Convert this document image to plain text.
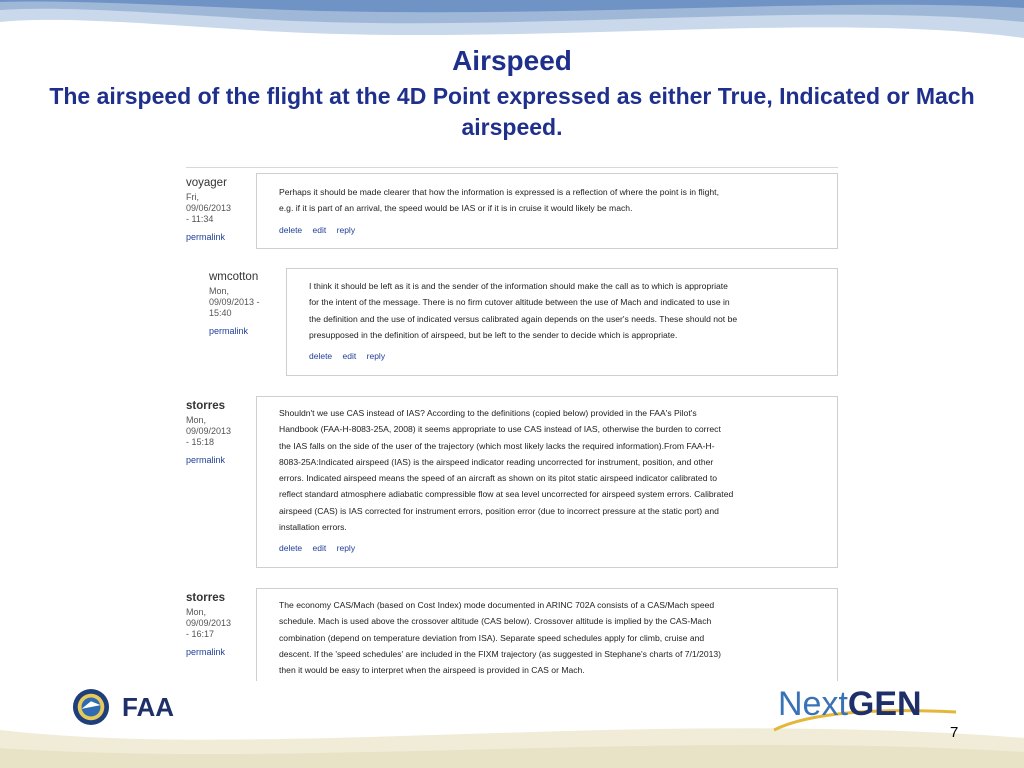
Airspeed
The airspeed of the flight at the 4D Point expressed as either True, Indicated or Mach airspeed.
voyager
Fri,
09/06/2013
- 11:34
permalink
Perhaps it should be made clearer that how the information is expressed is a reflection of where the point is in flight,
e.g. if it is part of an arrival, the speed would be IAS or if it is in cruise it would likely be mach.
delete edit reply
wmcotton
Mon,
09/09/2013 -
15:40
permalink
I think it should be left as it is and the sender of the information should make the call as to which is appropriate
for the intent of the message. There is no firm cutover altitude between the use of Mach and indicated to use in
the definition and the use of indicated versus calibrated again depends on the user's needs. These should not be
presupposed in the definition of airspeed, but be left to the sender to decide which is appropriate.
delete edit reply
storres
Mon,
09/09/2013
- 15:18
permalink
Shouldn't we use CAS instead of IAS? According to the definitions (copied below) provided in the FAA's Pilot's
Handbook (FAA-H-8083-25A, 2008) it seems appropriate to use CAS instead of IAS, otherwise the burden to correct
the IAS falls on the side of the user of the trajectory (which most likely lacks the required information).From FAA-H-
8083-25A:Indicated airspeed (IAS) is the airspeed indicator reading uncorrected for instrument, position, and other
errors. Indicated airspeed means the speed of an aircraft as shown on its pitot static airspeed indicator calibrated to
reflect standard atmosphere adiabatic compressible flow at sea level uncorrected for airspeed system errors. Calibrated
airspeed (CAS) is IAS corrected for instrument errors, position error (due to incorrect pressure at the static port) and
installation errors.
delete edit reply
storres
Mon,
09/09/2013
- 16:17
permalink
The economy CAS/Mach (based on Cost Index) mode documented in ARINC 702A consists of a CAS/Mach speed
schedule. Mach is used above the crossover altitude (CAS below). Crossover altitude is implied by the CAS-Mach
combination (depend on temperature deviation from ISA). Separate speed schedules apply for climb, cruise and
descent. If the 'speed schedules' are included in the FIXM trajectory (as suggested in Stephane's charts of 7/1/2013)
then it would be easy to interpret when the airspeed is provided in CAS or Mach.
FAA	NextGEN
7
